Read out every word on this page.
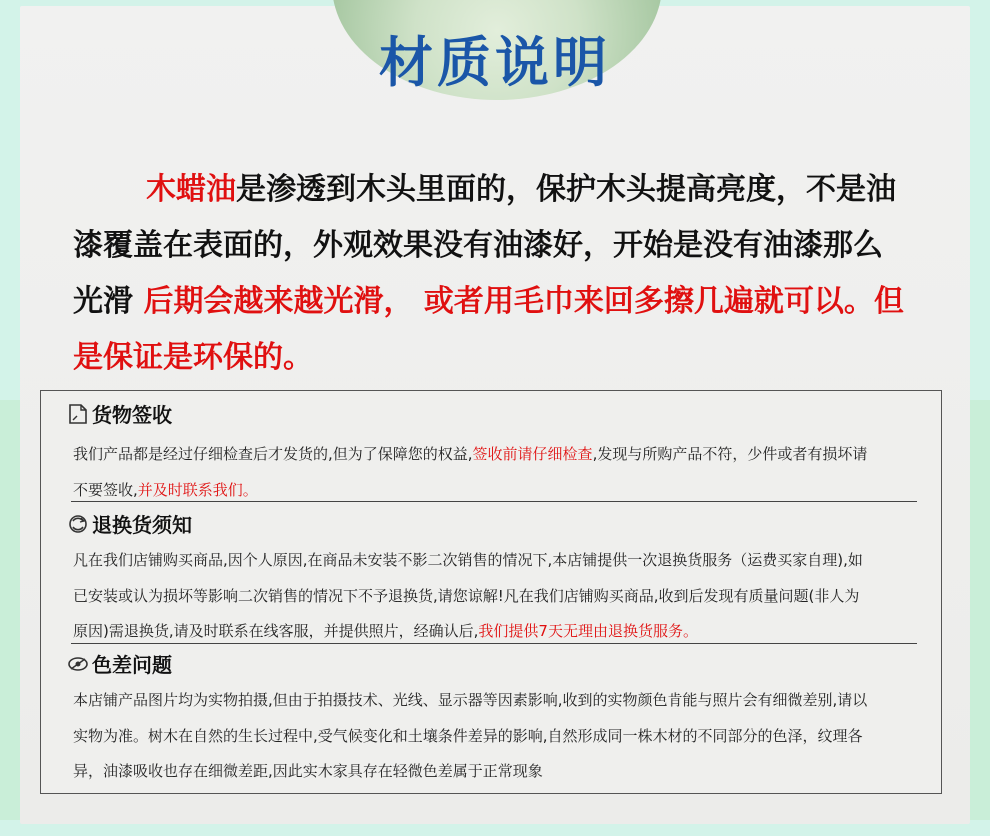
材质说明
木蜡油是渗透到木头里面的，保护木头提高亮度，不是油
漆覆盖在表面的，外观效果没有油漆好，开始是没有油漆那么
光滑 后期会越来越光滑， 或者用毛巾来回多擦几遍就可以。但
是保证是环保的。
货物签收
我们产品都是经过仔细检查后才发货的,但为了保障您的权益,签收前请仔细检查,发现与所购产品不符，少件或者有损坏请
不要签收,并及时联系我们。
退换货须知
凡在我们店铺购买商品,因个人原因,在商品未安装不影二次销售的情况下,本店铺提供一次退换货服务（运费买家自理),如
已安装或认为损坏等影响二次销售的情况下不予退换货,请您谅解!凡在我们店铺购买商品,收到后发现有质量问题(非人为
原因)需退换货,请及时联系在线客服，并提供照片，经确认后,我们提供7天无理由退换货服务。
色差问题
本店铺产品图片均为实物拍摄,但由于拍摄技术、光线、显示器等因素影响,收到的实物颜色肯能与照片会有细微差别,请以
实物为准。树木在自然的生长过程中,受气候变化和土壤条件差异的影响,自然形成同一株木材的不同部分的色泽，纹理各
异，油漆吸收也存在细微差距,因此实木家具存在轻微色差属于正常现象
